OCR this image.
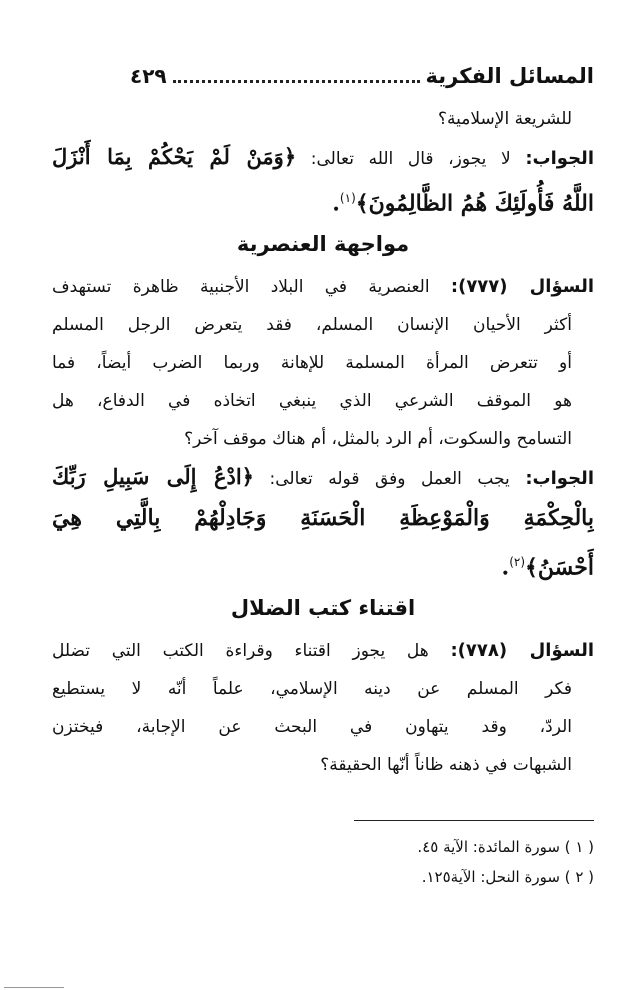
المسائل الفكرية
٤٢٩
للشريعة الإسلامية؟
الجواب: لا يجوز، قال الله تعالى: ﴿وَمَنْ لَمْ يَحْكُمْ بِمَا أَنْزَلَ
اللَّهُ فَأُولَئِكَ هُمُ الظَّالِمُونَ﴾$^{(١)}$.
مواجهة العنصرية
السؤال (٧٧٧): العنصرية في البلاد الأجنبية ظاهرة تستهدف
أكثر الأحيان الإنسان المسلم، فقد يتعرض الرجل المسلم
أو تتعرض المرأة المسلمة للإهانة وربما الضرب أيضاً، فما
هو الموقف الشرعي الذي ينبغي اتخاذه في الدفاع، هل
التسامح والسكوت، أم الرد بالمثل، أم هناك موقف آخر؟
الجواب: يجب العمل وفق قوله تعالى: ﴿ادْعُ إِلَى سَبِيلِ رَبِّكَ
بِالْحِكْمَةِ وَالْمَوْعِظَةِ الْحَسَنَةِ وَجَادِلْهُمْ بِالَّتِي هِيَ
أَحْسَنُ﴾$^{(٢)}$.
اقتناء كتب الضلال
السؤال (٧٧٨): هل يجوز اقتناء وقراءة الكتب التي تضلل
فكر المسلم عن دينه الإسلامي، علماً أنّه لا يستطيع
الردّ، وقد يتهاون في البحث عن الإجابة، فيختزن
الشبهات في ذهنه ظاناً أنّها الحقيقة؟
( ١ ) سورة المائدة: الآية ٤٥.
( ٢ ) سورة النحل: الآية١٢٥.
